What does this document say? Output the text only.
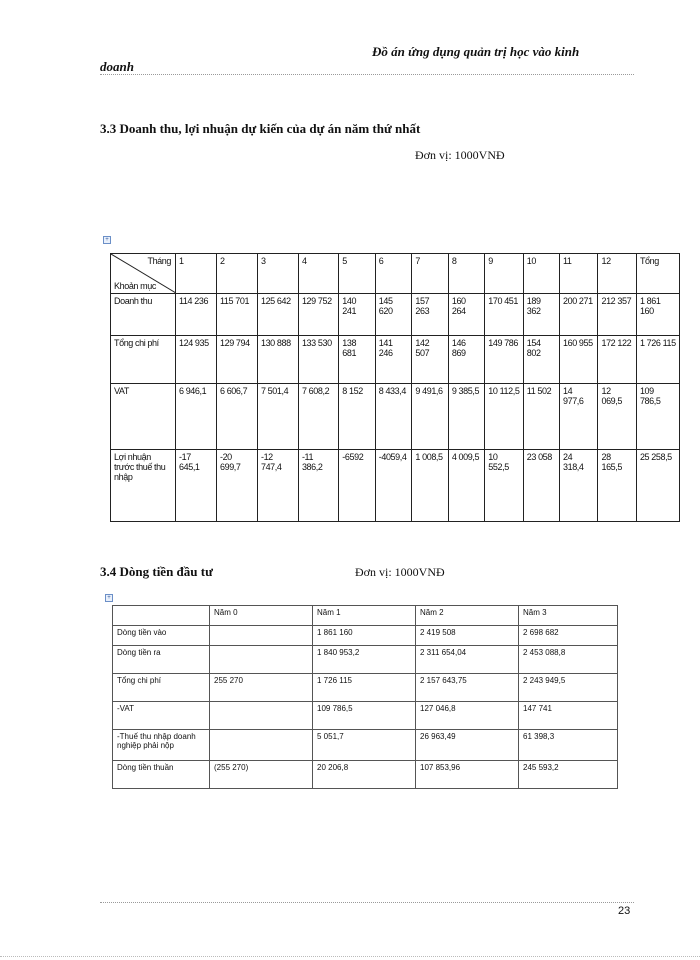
Đồ án ứng dụng quản trị học vào kinh
doanh
3.3 Doanh thu, lợi nhuận dự kiến của dự án năm thứ nhất
Đơn vị: 1000VNĐ
+
Tháng
Khoản mục	1	2	3	4	5	6	7	8	9	10	11	12	Tổng
Doanh thu	114 236	115 701	125 642	129 752	140 241	145 620	157 263	160 264	170 451	189 362	200 271	212 357	1 861 160
Tổng chi phí	124 935	129 794	130 888	133 530	138 681	141 246	142 507	146 869	149 786	154 802	160 955	172 122	1 726 115
VAT	6 946,1	6 606,7	7 501,4	7 608,2	8 152	8 433,4	9 491,6	9 385,5	10 112,5	11 502	14 977,6	12 069,5	109 786,5
Lợi nhuận trước thuế thu nhập	-17 645,1	-20 699,7	-12 747,4	-11 386,2	-6592	-4059,4	1 008,5	4 009,5	10 552,5	23 058	24 318,4	28 165,5	25 258,5
3.4 Dòng tiền đầu tư	Đơn vị: 1000VNĐ
+
	Năm 0	Năm 1	Năm 2	Năm 3
Dòng tiền vào		1 861 160	2 419 508	2 698 682
Dòng tiền ra		1 840 953,2	2 311 654,04	2 453 088,8
Tổng chi phí	255 270	1 726 115	2 157 643,75	2 243 949,5
-VAT		109 786,5	127 046,8	147 741
-Thuế thu nhập doanh nghiệp phải nộp		5 051,7	26 963,49	61 398,3
Dòng tiền thuần	(255 270)	20 206,8	107 853,96	245 593,2
23
